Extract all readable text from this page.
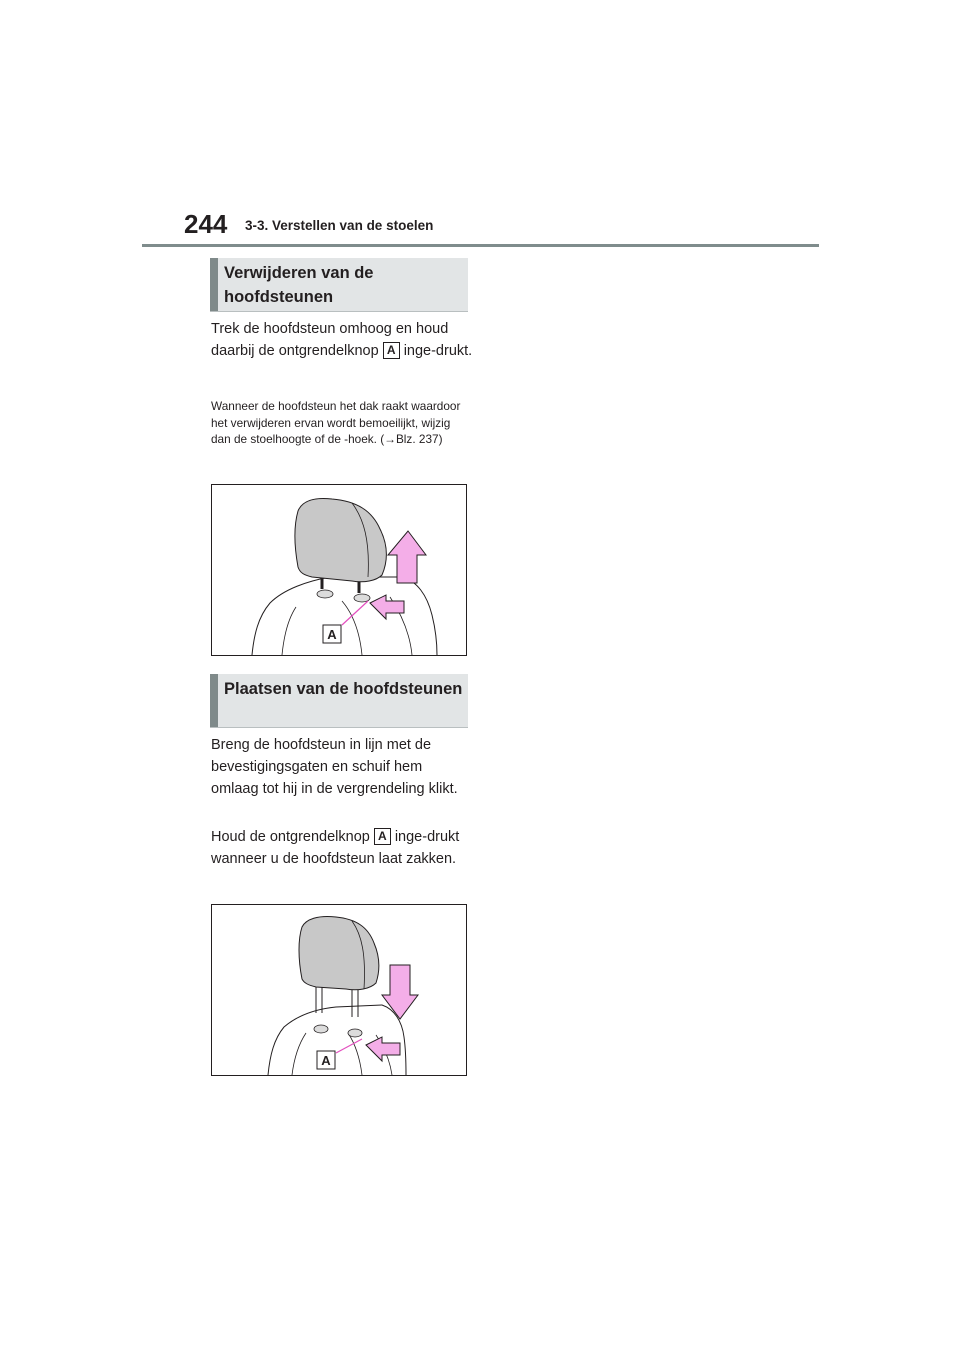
244 3-3. Verstellen van de stoelen
Verwijderen van de hoofdsteunen

Trek de hoofdsteun omhoog en houd daarbij de ontgrendelknop A inge-drukt.

Wanneer de hoofdsteun het dak raakt waardoor het verwijderen ervan wordt bemoeilijkt, wijzig dan de stoelhoogte of de -hoek. (→Blz. 237)
A
Plaatsen van de hoofdsteunen
Breng de hoofdsteun in lijn met de bevestigingsgaten en schuif hem omlaag tot hij in de vergrendeling klikt.

Houd de ontgrendelknop A inge-drukt wanneer u de hoofdsteun laat zakken.

A
